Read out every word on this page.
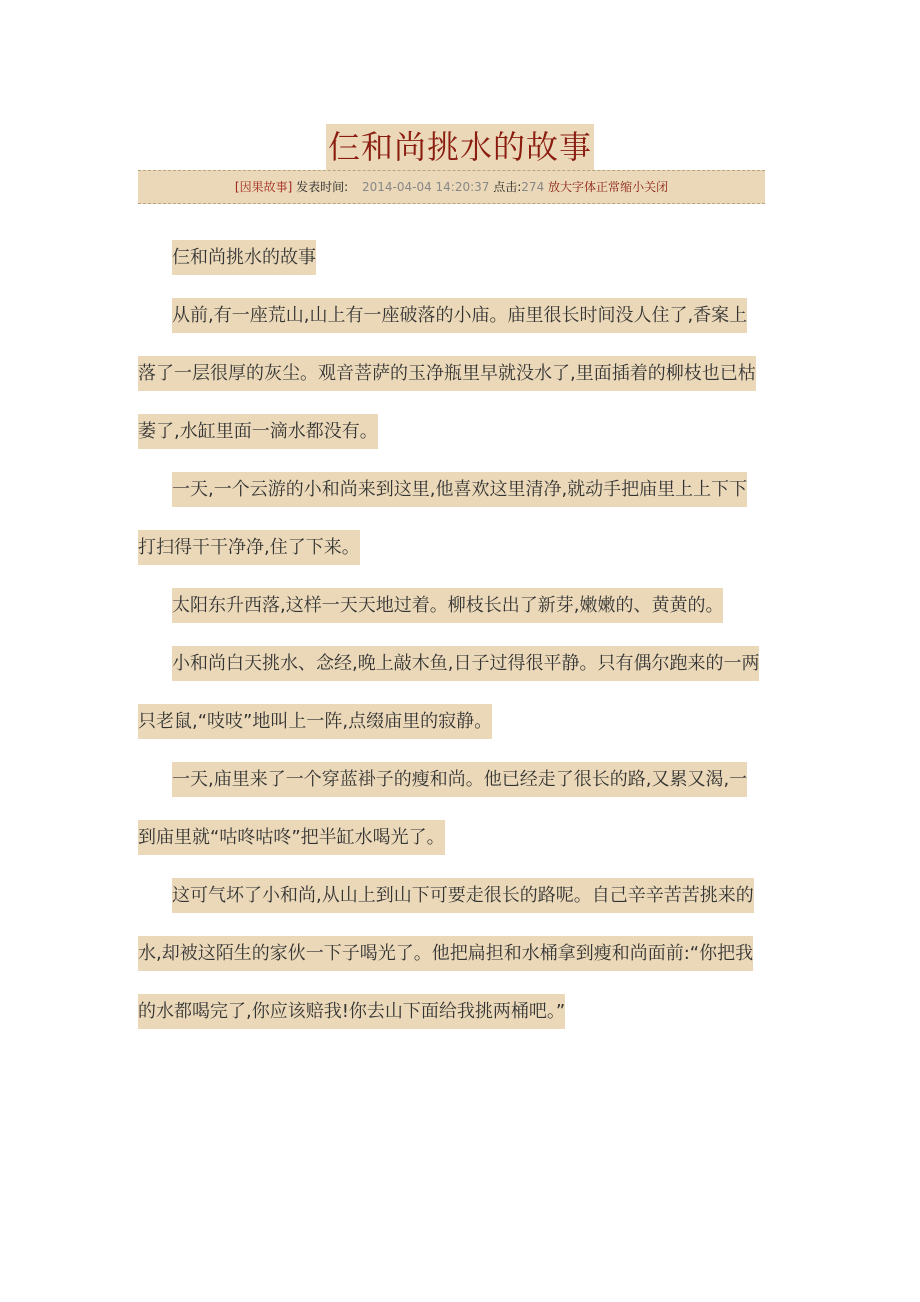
仨和尚挑水的故事
[因果故事] 发表时间: 2014-04-04 14:20:37 点击:274 放大字体正常缩小关闭

仨和尚挑水的故事

从前,有一座荒山,山上有一座破落的小庙。庙里很长时间没人住了,香案上落了一层很厚的灰尘。观音菩萨的玉净瓶里早就没水了,里面插着的柳枝也已枯萎了,水缸里面一滴水都没有。

一天,一个云游的小和尚来到这里,他喜欢这里清净,就动手把庙里上上下下打扫得干干净净,住了下来。

太阳东升西落,这样一天天地过着。柳枝长出了新芽,嫩嫩的、黄黄的。

小和尚白天挑水、念经,晚上敲木鱼,日子过得很平静。只有偶尔跑来的一两只老鼠,“吱吱”地叫上一阵,点缀庙里的寂静。

一天,庙里来了一个穿蓝褂子的瘦和尚。他已经走了很长的路,又累又渴,一到庙里就“咕咚咕咚”把半缸水喝光了。

这可气坏了小和尚,从山上到山下可要走很长的路呢。自己辛辛苦苦挑来的水,却被这陌生的家伙一下子喝光了。他把扁担和水桶拿到瘦和尚面前:“你把我的水都喝完了,你应该赔我!你去山下面给我挑两桶吧。”
